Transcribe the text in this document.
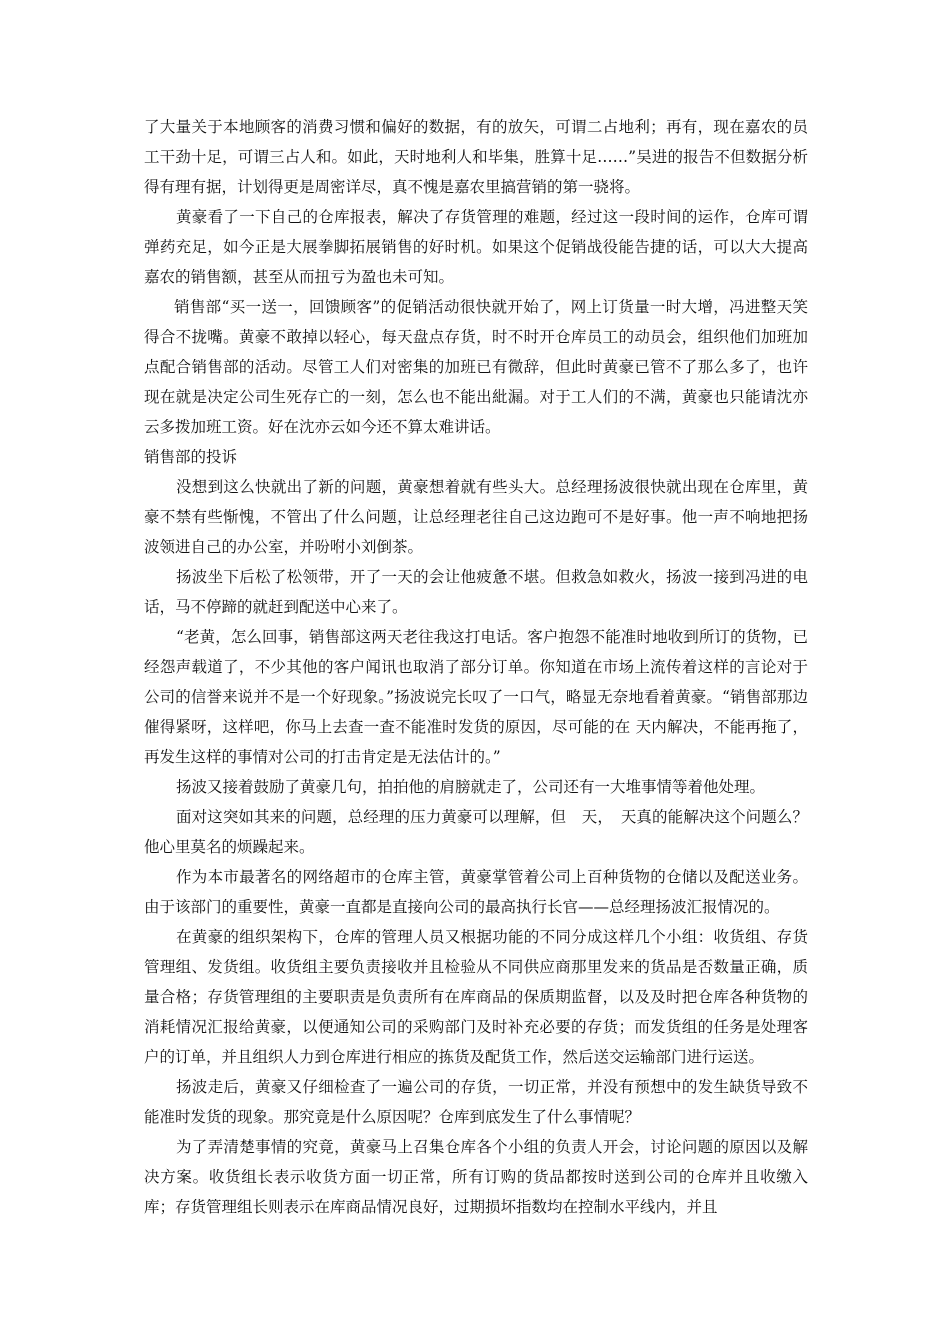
了大量关于本地顾客的消费习惯和偏好的数据，有的放矢，可谓二占地利；再有，现在嘉农的员工干劲十足，可谓三占人和。如此，天时地利人和毕集，胜算十足……”吴进的报告不但数据分析得有理有据，计划得更是周密详尽，真不愧是嘉农里搞营销的第一骁将。

黄豪看了一下自己的仓库报表，解决了存货管理的难题，经过这一段时间的运作，仓库可谓弹药充足，如今正是大展拳脚拓展销售的好时机。如果这个促销战役能告捷的话，可以大大提高嘉农的销售额，甚至从而扭亏为盈也未可知。

销售部“买一送一，回馈顾客”的促销活动很快就开始了，网上订货量一时大增，冯进整天笑得合不拢嘴。黄豪不敢掉以轻心，每天盘点存货，时不时开仓库员工的动员会，组织他们加班加点配合销售部的活动。尽管工人们对密集的加班已有微辞，但此时黄豪已管不了那么多了，也许现在就是决定公司生死存亡的一刻，怎么也不能出紕漏。对于工人们的不满，黄豪也只能请沈亦云多拨加班工资。好在沈亦云如今还不算太难讲话。

销售部的投诉

没想到这么快就出了新的问题，黄豪想着就有些头大。总经理扬波很快就出现在仓库里，黄豪不禁有些惭愧，不管出了什么问题，让总经理老往自己这边跑可不是好事。他一声不响地把扬波领进自己的办公室，并吩咐小刘倒茶。

扬波坐下后松了松领带，开了一天的会让他疲惫不堪。但救急如救火，扬波一接到冯进的电话，马不停蹄的就赶到配送中心来了。

“老黄，怎么回事，销售部这两天老往我这打电话。客户抱怨不能准时地收到所订的货物，已经怨声载道了，不少其他的客户闻讯也取消了部分订单。你知道在市场上流传着这样的言论对于公司的信誉来说并不是一个好现象。”扬波说完长叹了一口气，略显无奈地看着黄豪。“销售部那边催得紧呀，这样吧，你马上去查一查不能准时发货的原因，尽可能的在 天内解决，不能再拖了，再发生这样的事情对公司的打击肯定是无法估计的。”

扬波又接着鼓励了黄豪几句，拍拍他的肩膀就走了，公司还有一大堆事情等着他处理。

面对这突如其来的问题，总经理的压力黄豪可以理解，但　天，　天真的能解决这个问题么？他心里莫名的烦躁起来。

作为本市最著名的网络超市的仓库主管，黄豪掌管着公司上百种货物的仓储以及配送业务。由于该部门的重要性，黄豪一直都是直接向公司的最高执行长官——总经理扬波汇报情况的。

在黄豪的组织架构下，仓库的管理人员又根据功能的不同分成这样几个小组：收货组、存货管理组、发货组。收货组主要负责接收并且检验从不同供应商那里发来的货品是否数量正确，质量合格；存货管理组的主要职责是负责所有在库商品的保质期监督，以及及时把仓库各种货物的消耗情况汇报给黄豪，以便通知公司的采购部门及时补充必要的存货；而发货组的任务是处理客户的订单，并且组织人力到仓库进行相应的拣货及配货工作，然后送交运输部门进行运送。

扬波走后，黄豪又仔细检查了一遍公司的存货，一切正常，并没有预想中的发生缺货导致不能准时发货的现象。那究竟是什么原因呢？仓库到底发生了什么事情呢？

为了弄清楚事情的究竟，黄豪马上召集仓库各个小组的负责人开会，讨论问题的原因以及解决方案。收货组长表示收货方面一切正常，所有订购的货品都按时送到公司的仓库并且收缴入库；存货管理组长则表示在库商品情况良好，过期损坏指数均在控制水平线内，并且
